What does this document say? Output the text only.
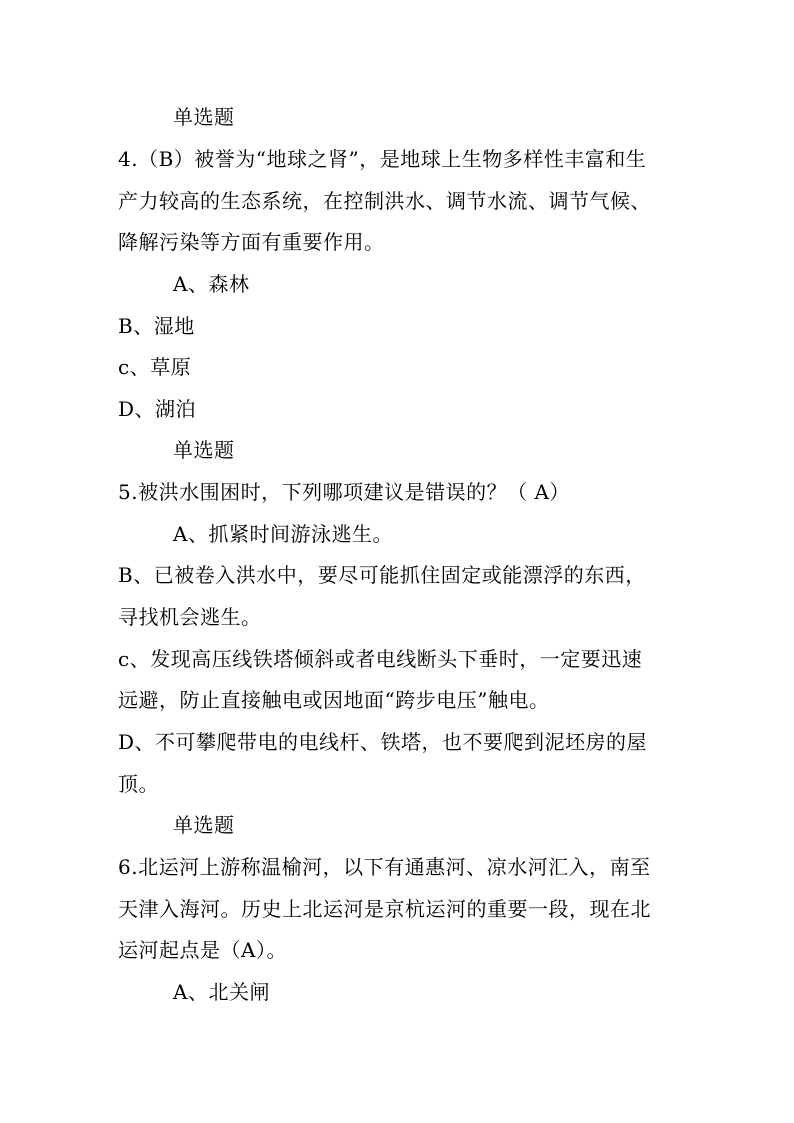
单选题
4.（B）被誉为“地球之肾”，是地球上生物多样性丰富和生
产力较高的生态系统，在控制洪水、调节水流、调节气候、
降解污染等方面有重要作用。
A、森林
B、湿地
c、草原
D、湖泊
单选题
5.被洪水围困时，下列哪项建议是错误的？（ A）
A、抓紧时间游泳逃生。
B、已被卷入洪水中，要尽可能抓住固定或能漂浮的东西，
寻找机会逃生。
c、发现高压线铁塔倾斜或者电线断头下垂时，一定要迅速
远避，防止直接触电或因地面“跨步电压”触电。
D、不可攀爬带电的电线杆、铁塔，也不要爬到泥坯房的屋
顶。
单选题
6.北运河上游称温榆河，以下有通惠河、凉水河汇入，南至
天津入海河。历史上北运河是京杭运河的重要一段，现在北
运河起点是（A）。
A、北关闸
